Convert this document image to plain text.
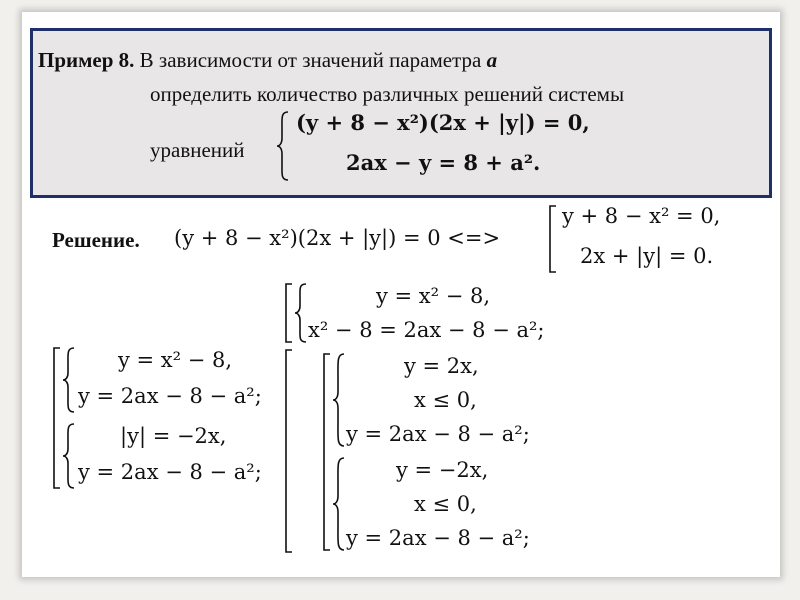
Пример 8. В зависимости от значений параметра a
определить количество различных решений системы
уравнений
(y + 8 − x²)(2x + |y|) = 0,
2ax − y = 8 + a².
Решение. (y + 8 − x²)(2x + |y|) = 0 <=>
y + 8 − x² = 0,
2x + |y| = 0.
y = x² − 8,
x² − 8 = 2ax − 8 − a²;
y = x² − 8,
y = 2ax − 8 − a²;
|y| = −2x,
y = 2ax − 8 − a²;
y = 2x,
x ≤ 0,
y = 2ax − 8 − a²;
y = −2x,
x ≤ 0,
y = 2ax − 8 − a²;
